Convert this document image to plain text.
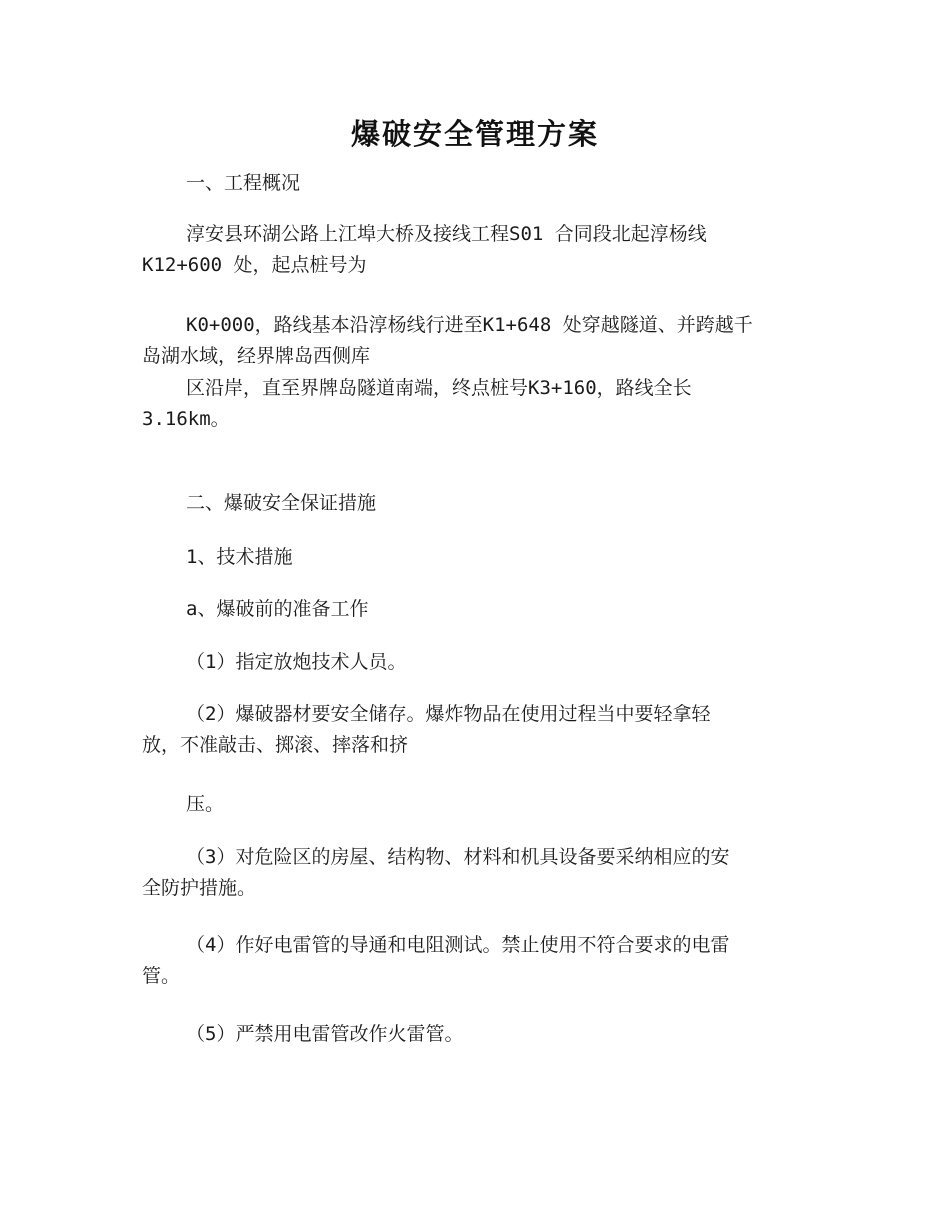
爆破安全管理方案

一、工程概况

淳安县环湖公路上江埠大桥及接线工程S01 合同段北起淳杨线
K12+600 处，起点桩号为

K0+000，路线基本沿淳杨线行进至K1+648 处穿越隧道、并跨越千
岛湖水域，经界牌岛西侧库

区沿岸，直至界牌岛隧道南端，终点桩号K3+160，路线全长
3.16km。

二、爆破安全保证措施

1、技术措施

a、爆破前的准备工作

（1）指定放炮技术人员。

（2）爆破器材要安全储存。爆炸物品在使用过程当中要轻拿轻
放，不准敲击、掷滚、摔落和挤

压。

（3）对危险区的房屋、结构物、材料和机具设备要采纳相应的安
全防护措施。

（4）作好电雷管的导通和电阻测试。禁止使用不符合要求的电雷
管。

（5）严禁用电雷管改作火雷管。
